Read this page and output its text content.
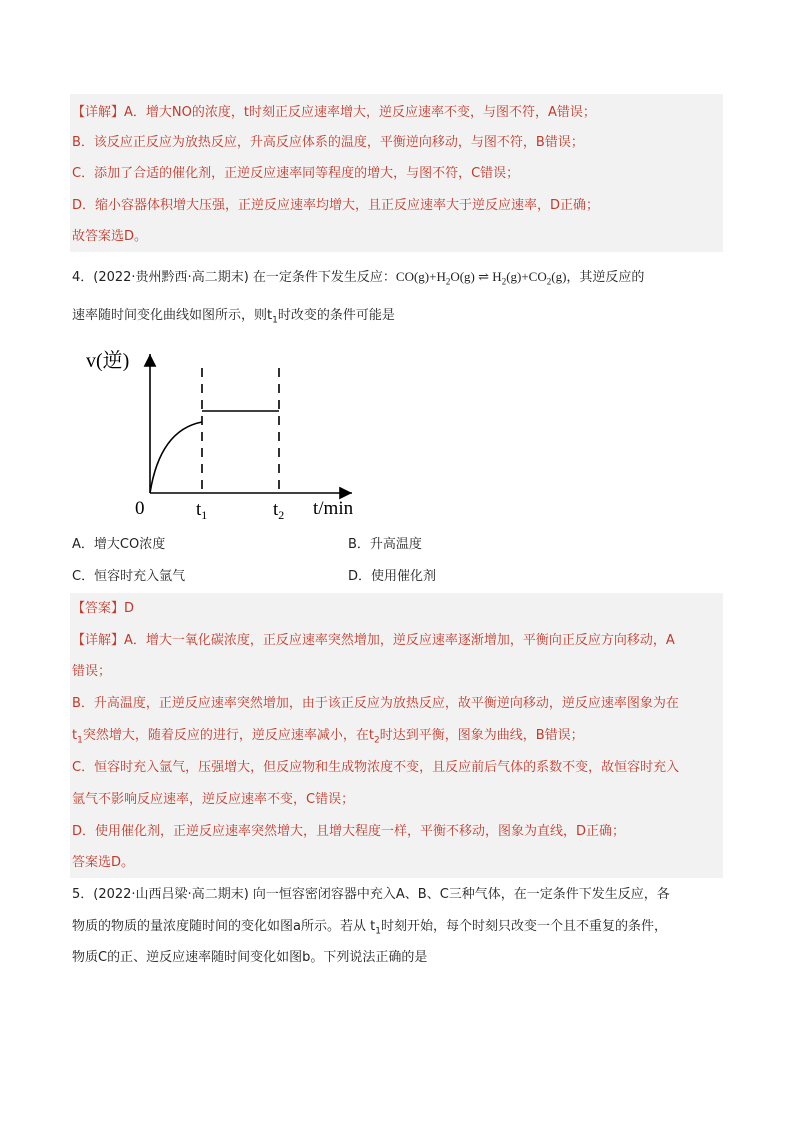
【详解】A．增大NO的浓度，t时刻正反应速率增大，逆反应速率不变，与图不符，A错误；
B．该反应正反应为放热反应，升高反应体系的温度，平衡逆向移动，与图不符，B错误；
C．添加了合适的催化剂，正逆反应速率同等程度的增大，与图不符，C错误；
D．缩小容器体积增大压强，正逆反应速率均增大，且正反应速率大于逆反应速率，D正确；
故答案选D。
4．(2022·贵州黔西·高二期末) 在一定条件下发生反应：$CO(g)+H_2O(g)$ ⇌ $H_2(g)+CO_2(g)$，其逆反应的
速率随时间变化曲线如图所示，则$t_1$时改变的条件可能是
v(逆)
0	$t_1$	$t_2$ t/min
A．增大CO浓度	B．升高温度
C．恒容时充入氩气	D．使用催化剂
【答案】D
【详解】A．增大一氧化碳浓度，正反应速率突然增加，逆反应速率逐渐增加，平衡向正反应方向移动，A
错误；
B．升高温度，正逆反应速率突然增加，由于该正反应为放热反应，故平衡逆向移动，逆反应速率图象为在
$t_1$突然增大，随着反应的进行，逆反应速率减小，在$t_2$时达到平衡，图象为曲线，B错误；
C．恒容时充入氩气，压强增大，但反应物和生成物浓度不变，且反应前后气体的系数不变，故恒容时充入
氩气不影响反应速率，逆反应速率不变，C错误；
D．使用催化剂，正逆反应速率突然增大，且增大程度一样，平衡不移动，图象为直线，D正确；
答案选D。
5．(2022·山西吕梁·高二期末) 向一恒容密闭容器中充入A、B、C三种气体，在一定条件下发生反应，各
物质的物质的量浓度随时间的变化如图a所示。若从 $t_1$时刻开始，每个时刻只改变一个且不重复的条件，
物质C的正、逆反应速率随时间变化如图b。下列说法正确的是
